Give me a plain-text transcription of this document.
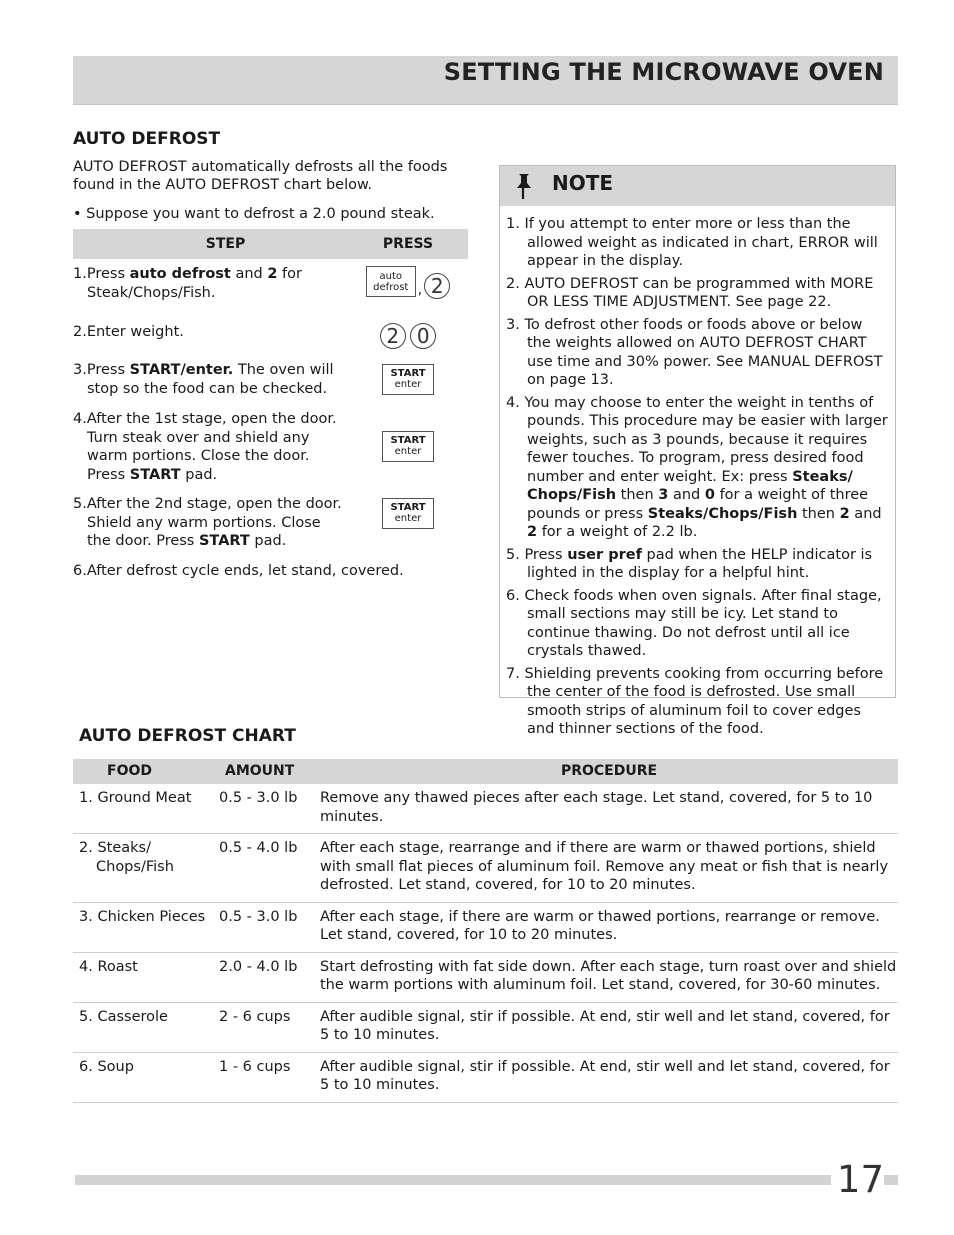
SETTING THE MICROWAVE OVEN
AUTO DEFROST

AUTO DEFROST automatically defrosts all the foods found in the AUTO DEFROST chart below.

• Suppose you want to defrost a 2.0 pound steak.

STEP	PRESS

1.Press auto defrost and 2 for Steak/Chops/Fish.	auto
defrost , 2

2.Enter weight.	2 0

3.Press START/enter. The oven will stop so the food can be checked.	START
enter

4.After the 1st stage, open the door. Turn steak over and shield any warm portions. Close the door. Press START pad.	START
enter

5.After the 2nd stage, open the door. Shield any warm portions. Close the door. Press START pad.	START
enter

6.After defrost cycle ends, let stand, covered.	
NOTE
1. If you attempt to enter more or less than the allowed weight as indicated in chart, ERROR will appear in the display.
2. AUTO DEFROST can be programmed with MORE OR LESS TIME ADJUSTMENT. See page 22.
3. To defrost other foods or foods above or below the weights allowed on AUTO DEFROST CHART use time and 30% power. See MANUAL DEFROST on page 13.
4. You may choose to enter the weight in tenths of pounds. This procedure may be easier with larger weights, such as 3 pounds, because it requires fewer touches. To program, press desired food number and enter weight. Ex: press Steaks/ Chops/Fish then 3 and 0 for a weight of three pounds or press Steaks/Chops/Fish then 2 and 2 for a weight of 2.2 lb.
5. Press user pref pad when the HELP indicator is lighted in the display for a helpful hint.
6. Check foods when oven signals. After final stage, small sections may still be icy. Let stand to continue thawing. Do not defrost until all ice crystals thawed.
7. Shielding prevents cooking from occurring before the center of the food is defrosted. Use small smooth strips of aluminum foil to cover edges and thinner sections of the food.
AUTO DEFROST CHART
FOOD	AMOUNT	PROCEDURE

1. Ground Meat	0.5 - 3.0 lb	Remove any thawed pieces after each stage. Let stand, covered, for 5 to 10 minutes.

2. Steaks/ Chops/Fish	0.5 - 4.0 lb	After each stage, rearrange and if there are warm or thawed portions, shield with small flat pieces of aluminum foil. Remove any meat or fish that is nearly defrosted. Let stand, covered, for 10 to 20 minutes.

3. Chicken Pieces	0.5 - 3.0 lb	After each stage, if there are warm or thawed portions, rearrange or remove. Let stand, covered, for 10 to 20 minutes.

4. Roast	2.0 - 4.0 lb	Start defrosting with fat side down. After each stage, turn roast over and shield the warm portions with aluminum foil. Let stand, covered, for 30-60 minutes.

5. Casserole	2 - 6 cups	After audible signal, stir if possible. At end, stir well and let stand, covered, for 5 to 10 minutes.

6. Soup	1 - 6 cups	After audible signal, stir if possible. At end, stir well and let stand, covered, for 5 to 10 minutes.
17
